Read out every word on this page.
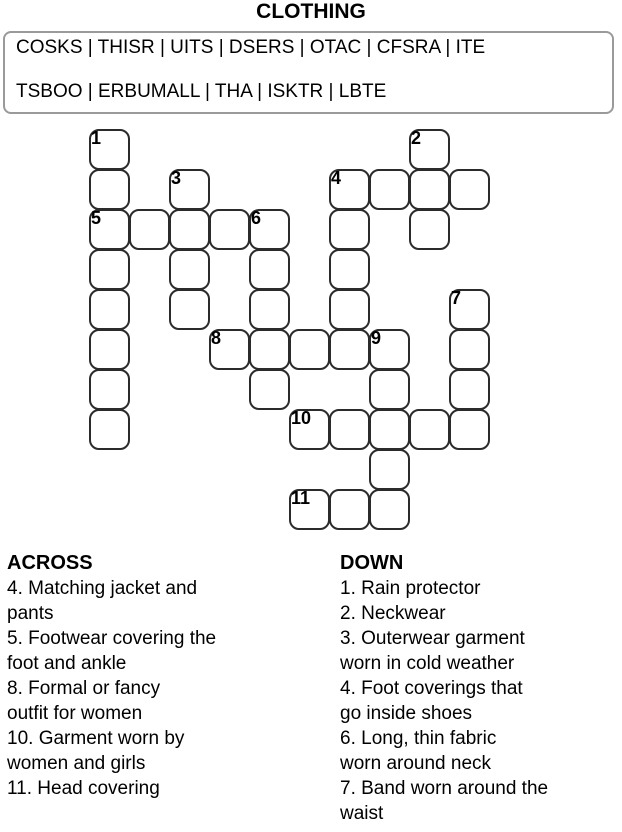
CLOTHING
COSKS | THISR | UITS | DSERS | OTAC | CFSRA | ITE
TSBOO | ERBUMALL | THA | ISKTR | LBTE
1	2
3	4
5	6
7
8	9
10
11
ACROSS
4. Matching jacket and
pants
5. Footwear covering the
foot and ankle
8. Formal or fancy
outfit for women
10. Garment worn by
women and girls
11. Head covering
DOWN
1. Rain protector
2. Neckwear
3. Outerwear garment
worn in cold weather
4. Foot coverings that
go inside shoes
6. Long, thin fabric
worn around neck
7. Band worn around the
waist
